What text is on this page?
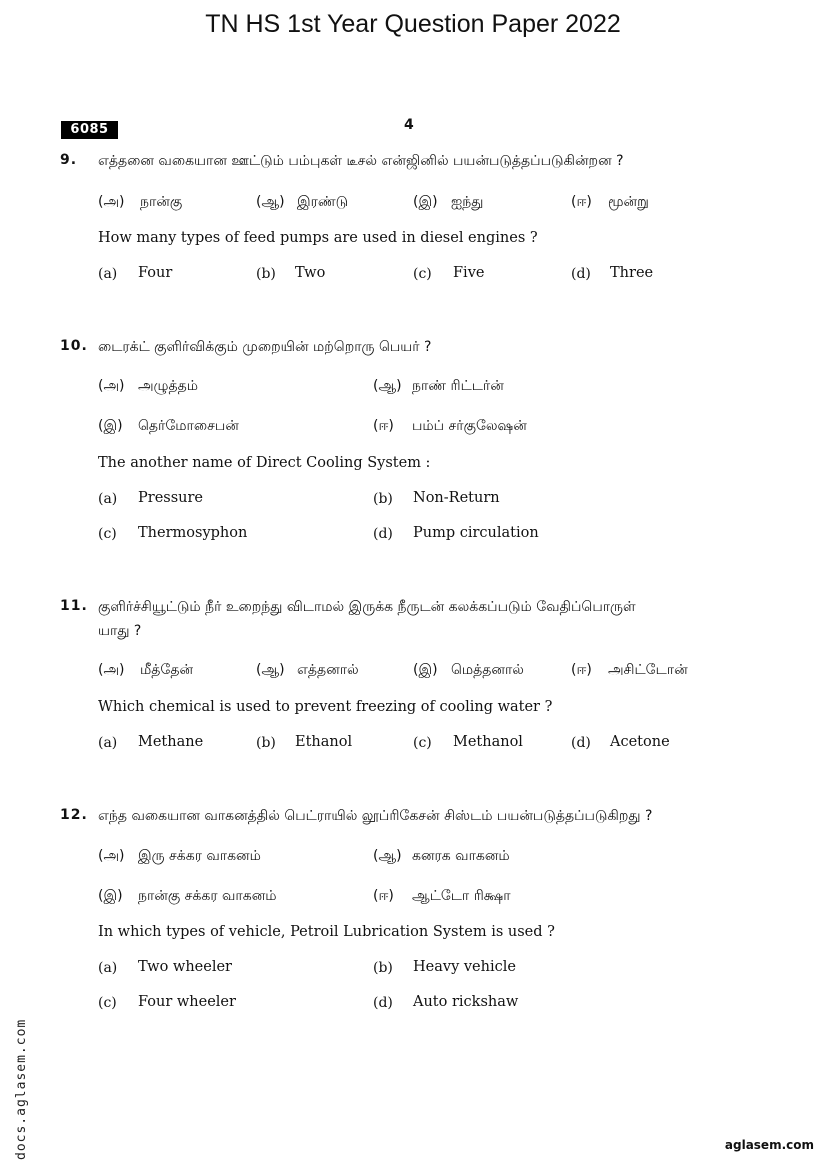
TN HS 1st Year Question Paper 2022
6085	4
9. எத்தனை வகையான ஊட்டும் பம்புகள் டீசல் என்ஜினில் பயன்படுத்தப்படுகின்றன ?
(அ) நான்கு	(ஆ) இரண்டு	(இ) ஐந்து	(ஈ) மூன்று
How many types of feed pumps are used in diesel engines ?
(a) Four	(b) Two	(c) Five	(d) Three
10. டைரக்ட் குளிர்விக்கும் முறையின் மற்றொரு பெயர் ?
(அ) அழுத்தம்	(ஆ) நாண் ரிட்டர்ன்
(இ) தெர்மோசைபன்	(ஈ) பம்ப் சர்குலேஷன்
The another name of Direct Cooling System :
(a) Pressure	(b) Non-Return
(c) Thermosyphon	(d) Pump circulation
11. குளிர்ச்சியூட்டும் நீர் உறைந்து விடாமல் இருக்க நீருடன் கலக்கப்படும் வேதிப்பொருள்
யாது ?
(அ) மீத்தேன்	(ஆ) எத்தனால்	(இ) மெத்தனால்	(ஈ) அசிட்டோன்
Which chemical is used to prevent freezing of cooling water ?
(a) Methane	(b) Ethanol	(c) Methanol	(d) Acetone
12. எந்த வகையான வாகனத்தில் பெட்ராயில் லூப்ரிகேசன் சிஸ்டம் பயன்படுத்தப்படுகிறது ?
(அ) இரு சக்கர வாகனம்	(ஆ) கனரக வாகனம்
(இ) நான்கு சக்கர வாகனம்	(ஈ) ஆட்டோ ரிக்ஷா
In which types of vehicle, Petroil Lubrication System is used ?
(a) Two wheeler	(b) Heavy vehicle
(c) Four wheeler	(d) Auto rickshaw
docs.aglasem.com	aglasem.com
